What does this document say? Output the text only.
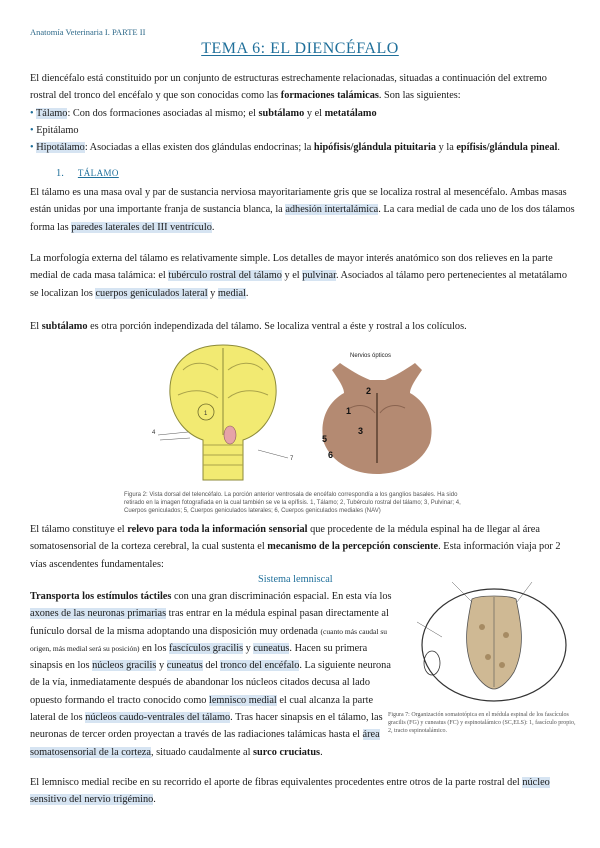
Anatomía Veterinaria I. PARTE II
TEMA 6: EL DIENCÉFALO
El diencéfalo está constituido por un conjunto de estructuras estrechamente relacionadas, situadas a continuación del extremo rostral del tronco del encéfalo y que son conocidas como las formaciones talámicas. Son las siguientes:
• Tálamo: Con dos formaciones asociadas al mismo; el subtálamo y el metatálamo
• Epitálamo
• Hipotálamo: Asociadas a ellas existen dos glándulas endocrinas; la hipófisis/glándula pituitaria y la epífisis/glándula pineal.
1. TÁLAMO
El tálamo es una masa oval y par de sustancia nerviosa mayoritariamente gris que se localiza rostral al mesencéfalo. Ambas masas están unidas por una importante franja de sustancia blanca, la adhesión intertalámica. La cara medial de cada uno de los dos tálamos forma las paredes laterales del III ventrículo.
La morfología externa del tálamo es relativamente simple. Los detalles de mayor interés anatómico son dos relieves en la parte medial de cada masa talámica: el tubérculo rostral del tálamo y el pulvinar. Asociados al tálamo pero pertenecientes al metatálamo se localizan los cuerpos geniculados lateral y medial.
El subtálamo es otra porción independizada del tálamo. Se localiza ventral a éste y rostral a los colículos.
1
4
7
Nervios ópticos
2
1
3
5
6
Figura 2: Vista dorsal del telencéfalo. La porción anterior ventrosala de encéfalo correspondía a los ganglios basales. Ha sido retirado en la imagen fotografiada en la cual también se ve la epífisis. 1, Tálamo; 2, Tubérculo rostral del tálamo; 3, Pulvinar; 4, Cuerpos geniculados; 5, Cuerpos geniculados laterales; 6, Cuerpos geniculados mediales (NAV)
El tálamo constituye el relevo para toda la información sensorial que procedente de la médula espinal ha de llegar al área somatosensorial de la corteza cerebral, la cual sustenta el mecanismo de la percepción consciente. Esta información viaja por 2 vías ascendentes fundamentales:
Sistema lemniscal
Transporta los estímulos táctiles con una gran discriminación espacial. En esta vía los axones de las neuronas primarias tras entrar en la médula espinal pasan directamente al funículo dorsal de la misma adoptando una disposición muy ordenada (cuanto más caudal su origen, más medial será su posición) en los fascículos gracilis y cuneatus. Hacen su primera sinapsis en los núcleos gracilis y cuneatus del tronco del encéfalo. La siguiente neurona de la vía, inmediatamente después de abandonar los núcleos citados decusa al lado opuesto formando el tracto conocido como lemnisco medial el cual alcanza la parte lateral de los núcleos caudo-ventrales del tálamo. Tras hacer sinapsis en el tálamo, las neuronas de tercer orden proyectan a través de las radiaciones talámicas hasta el área somatosensorial de la corteza, situado caudalmente al surco cruciatus.
Figura 7: Organización somatotópica en el médula espinal de los fascículos gracilis (FG) y cuneatus (FC) y espinotalámico (SC,ELS): 1, fascículo propio, 2, tracto espinotalámico.
El lemnisco medial recibe en su recorrido el aporte de fibras equivalentes procedentes entre otros de la parte rostral del núcleo sensitivo del nervio trigémino.
